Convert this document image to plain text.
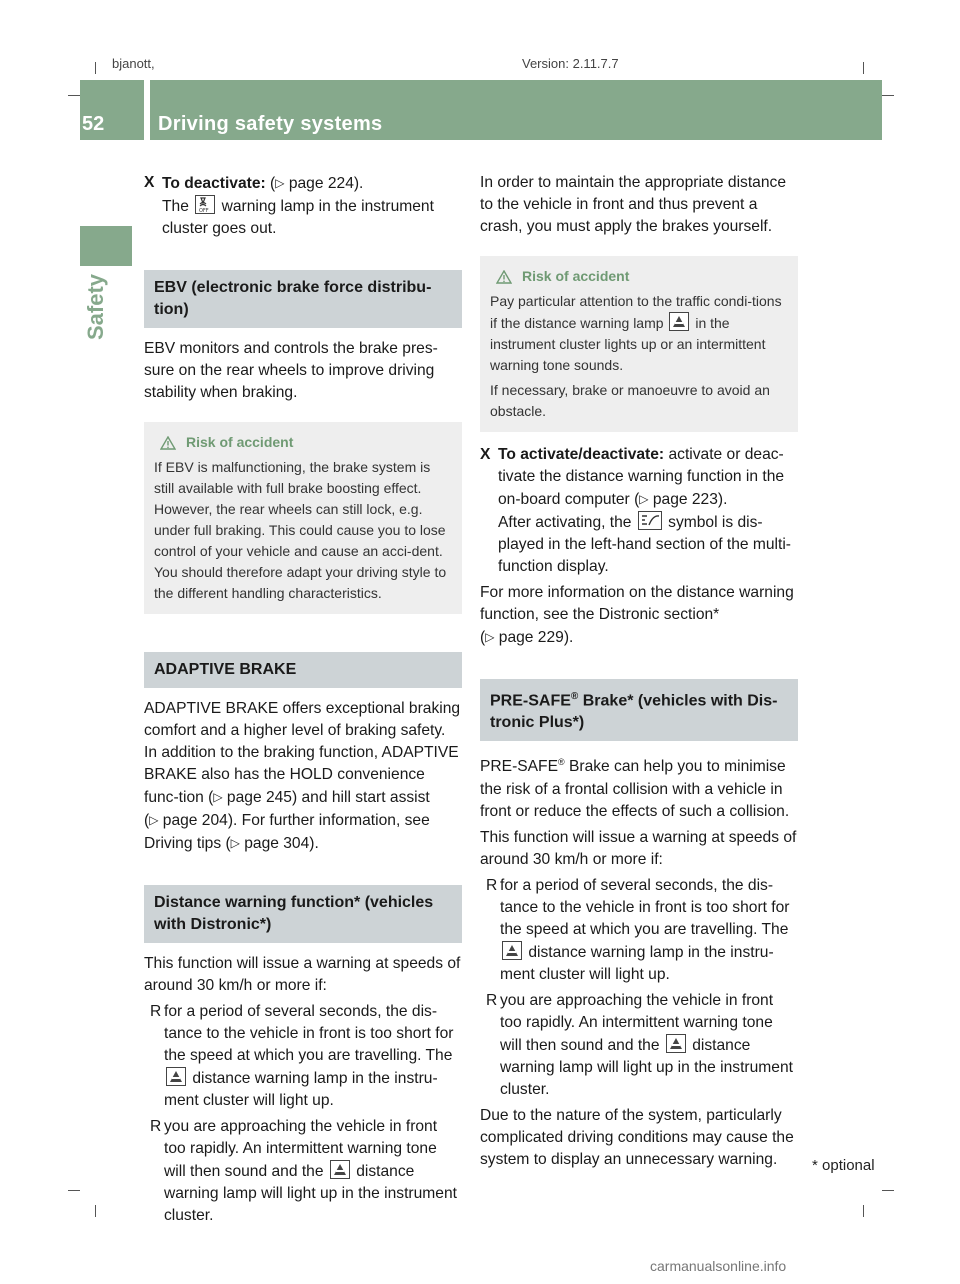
bjanott,	Version: 2.11.7.7
52	Driving safety systems
Safety
X To deactivate: (▷ page 224).
The OFF warning lamp in the instrument
cluster goes out.
EBV (electronic brake force distribu-tion)

EBV monitors and controls the brake pres-sure on the rear wheels to improve driving stability when braking.

Risk of accident
If EBV is malfunctioning, the brake system is still available with full brake boosting effect. However, the rear wheels can still lock, e.g. under full braking. This could cause you to lose control of your vehicle and cause an acci-dent. You should therefore adapt your driving style to the different handling characteristics.
ADAPTIVE BRAKE

ADAPTIVE BRAKE offers exceptional braking comfort and a higher level of braking safety. In addition to the braking function, ADAPTIVE BRAKE also has the HOLD convenience func-tion (▷ page 245) and hill start assist
(▷ page 204). For further information, see Driving tips (▷ page 304).

Distance warning function* (vehicles with Distronic*)

This function will issue a warning at speeds of around 30 km/h or more if:

R for a period of several seconds, the dis-tance to the vehicle in front is too short for the speed at which you are travelling. The
distance warning lamp in the instru-ment cluster will light up.
R you are approaching the vehicle in front too rapidly. An intermittent warning tone will then sound and the distance warning lamp will light up in the instrument cluster.

In order to maintain the appropriate distance to the vehicle in front and thus prevent a crash, you must apply the brakes yourself.

Risk of accident
Pay particular attention to the traffic condi-tions if the distance warning lamp in the instrument cluster lights up or an intermittent warning tone sounds.
If necessary, brake or manoeuvre to avoid an obstacle.
X To activate/deactivate: activate or deac-tivate the distance warning function in the on-board computer (▷ page 223).
After activating, the symbol is dis-played in the left-hand section of the multi-function display.

For more information on the distance warning function, see the Distronic section*
(▷ page 229).

PRE-SAFE® Brake* (vehicles with Dis-tronic Plus*)

PRE-SAFE® Brake can help you to minimise the risk of a frontal collision with a vehicle in front or reduce the effects of such a collision.

This function will issue a warning at speeds of around 30 km/h or more if:

R for a period of several seconds, the dis-tance to the vehicle in front is too short for the speed at which you are travelling. The
distance warning lamp in the instru-ment cluster will light up.
R you are approaching the vehicle in front too rapidly. An intermittent warning tone will then sound and the distance warning lamp will light up in the instrument cluster.

Due to the nature of the system, particularly complicated driving conditions may cause the system to display an unnecessary warning.	* optional
carmanualsonline.info
